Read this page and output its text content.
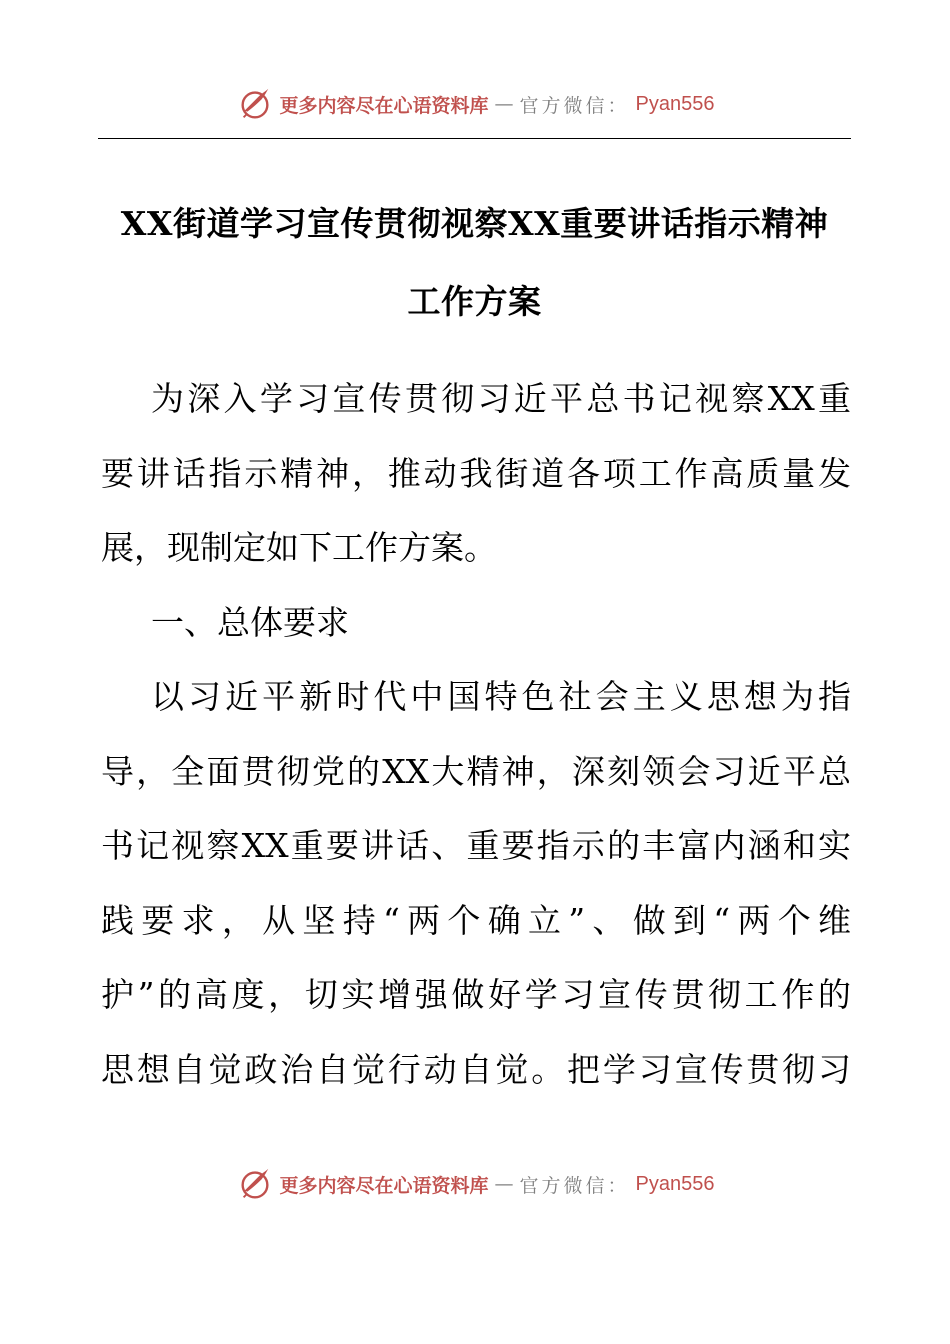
更多内容尽在心语资料库 — 官方微信： Pyan556
XX街道学习宣传贯彻视察XX重要讲话指示精神
工作方案

为深入学习宣传贯彻习近平总书记视察XX重

要讲话指示精神，推动我街道各项工作高质量发

展，现制定如下工作方案。

一、总体要求

以习近平新时代中国特色社会主义思想为指

导，全面贯彻党的XX大精神，深刻领会习近平总

书记视察XX重要讲话、重要指示的丰富内涵和实

践要求，从坚持“两个确立”、做到“两个维

护”的高度，切实增强做好学习宣传贯彻工作的

思想自觉政治自觉行动自觉。把学习宣传贯彻习

更多内容尽在心语资料库 — 官方微信： Pyan556
